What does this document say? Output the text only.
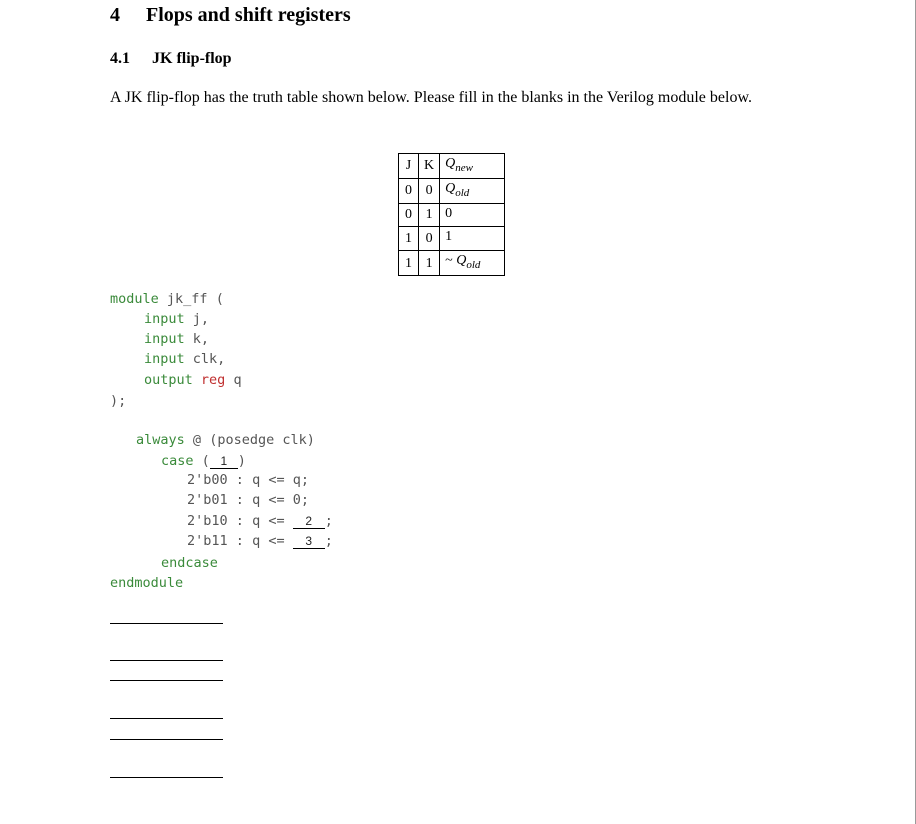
4 Flops and shift registers
4.1 JK flip-flop
A JK flip-flop has the truth table shown below. Please fill in the blanks in the Verilog module below.
J	K	$Q_{new}$
0	0	$Q_{old}$
0	1	0
1	0	1
1	1	~ $Q_{old}$
module jk_ff (
input j,
input k,
input clk,
output reg q
);
always @ (posedge clk)
case ( 1 )
2'b00 : q <= q;
2'b01 : q <= 0;
2'b10 : q <= 2 ;
2'b11 : q <= 3 ;
endcase
endmodule
